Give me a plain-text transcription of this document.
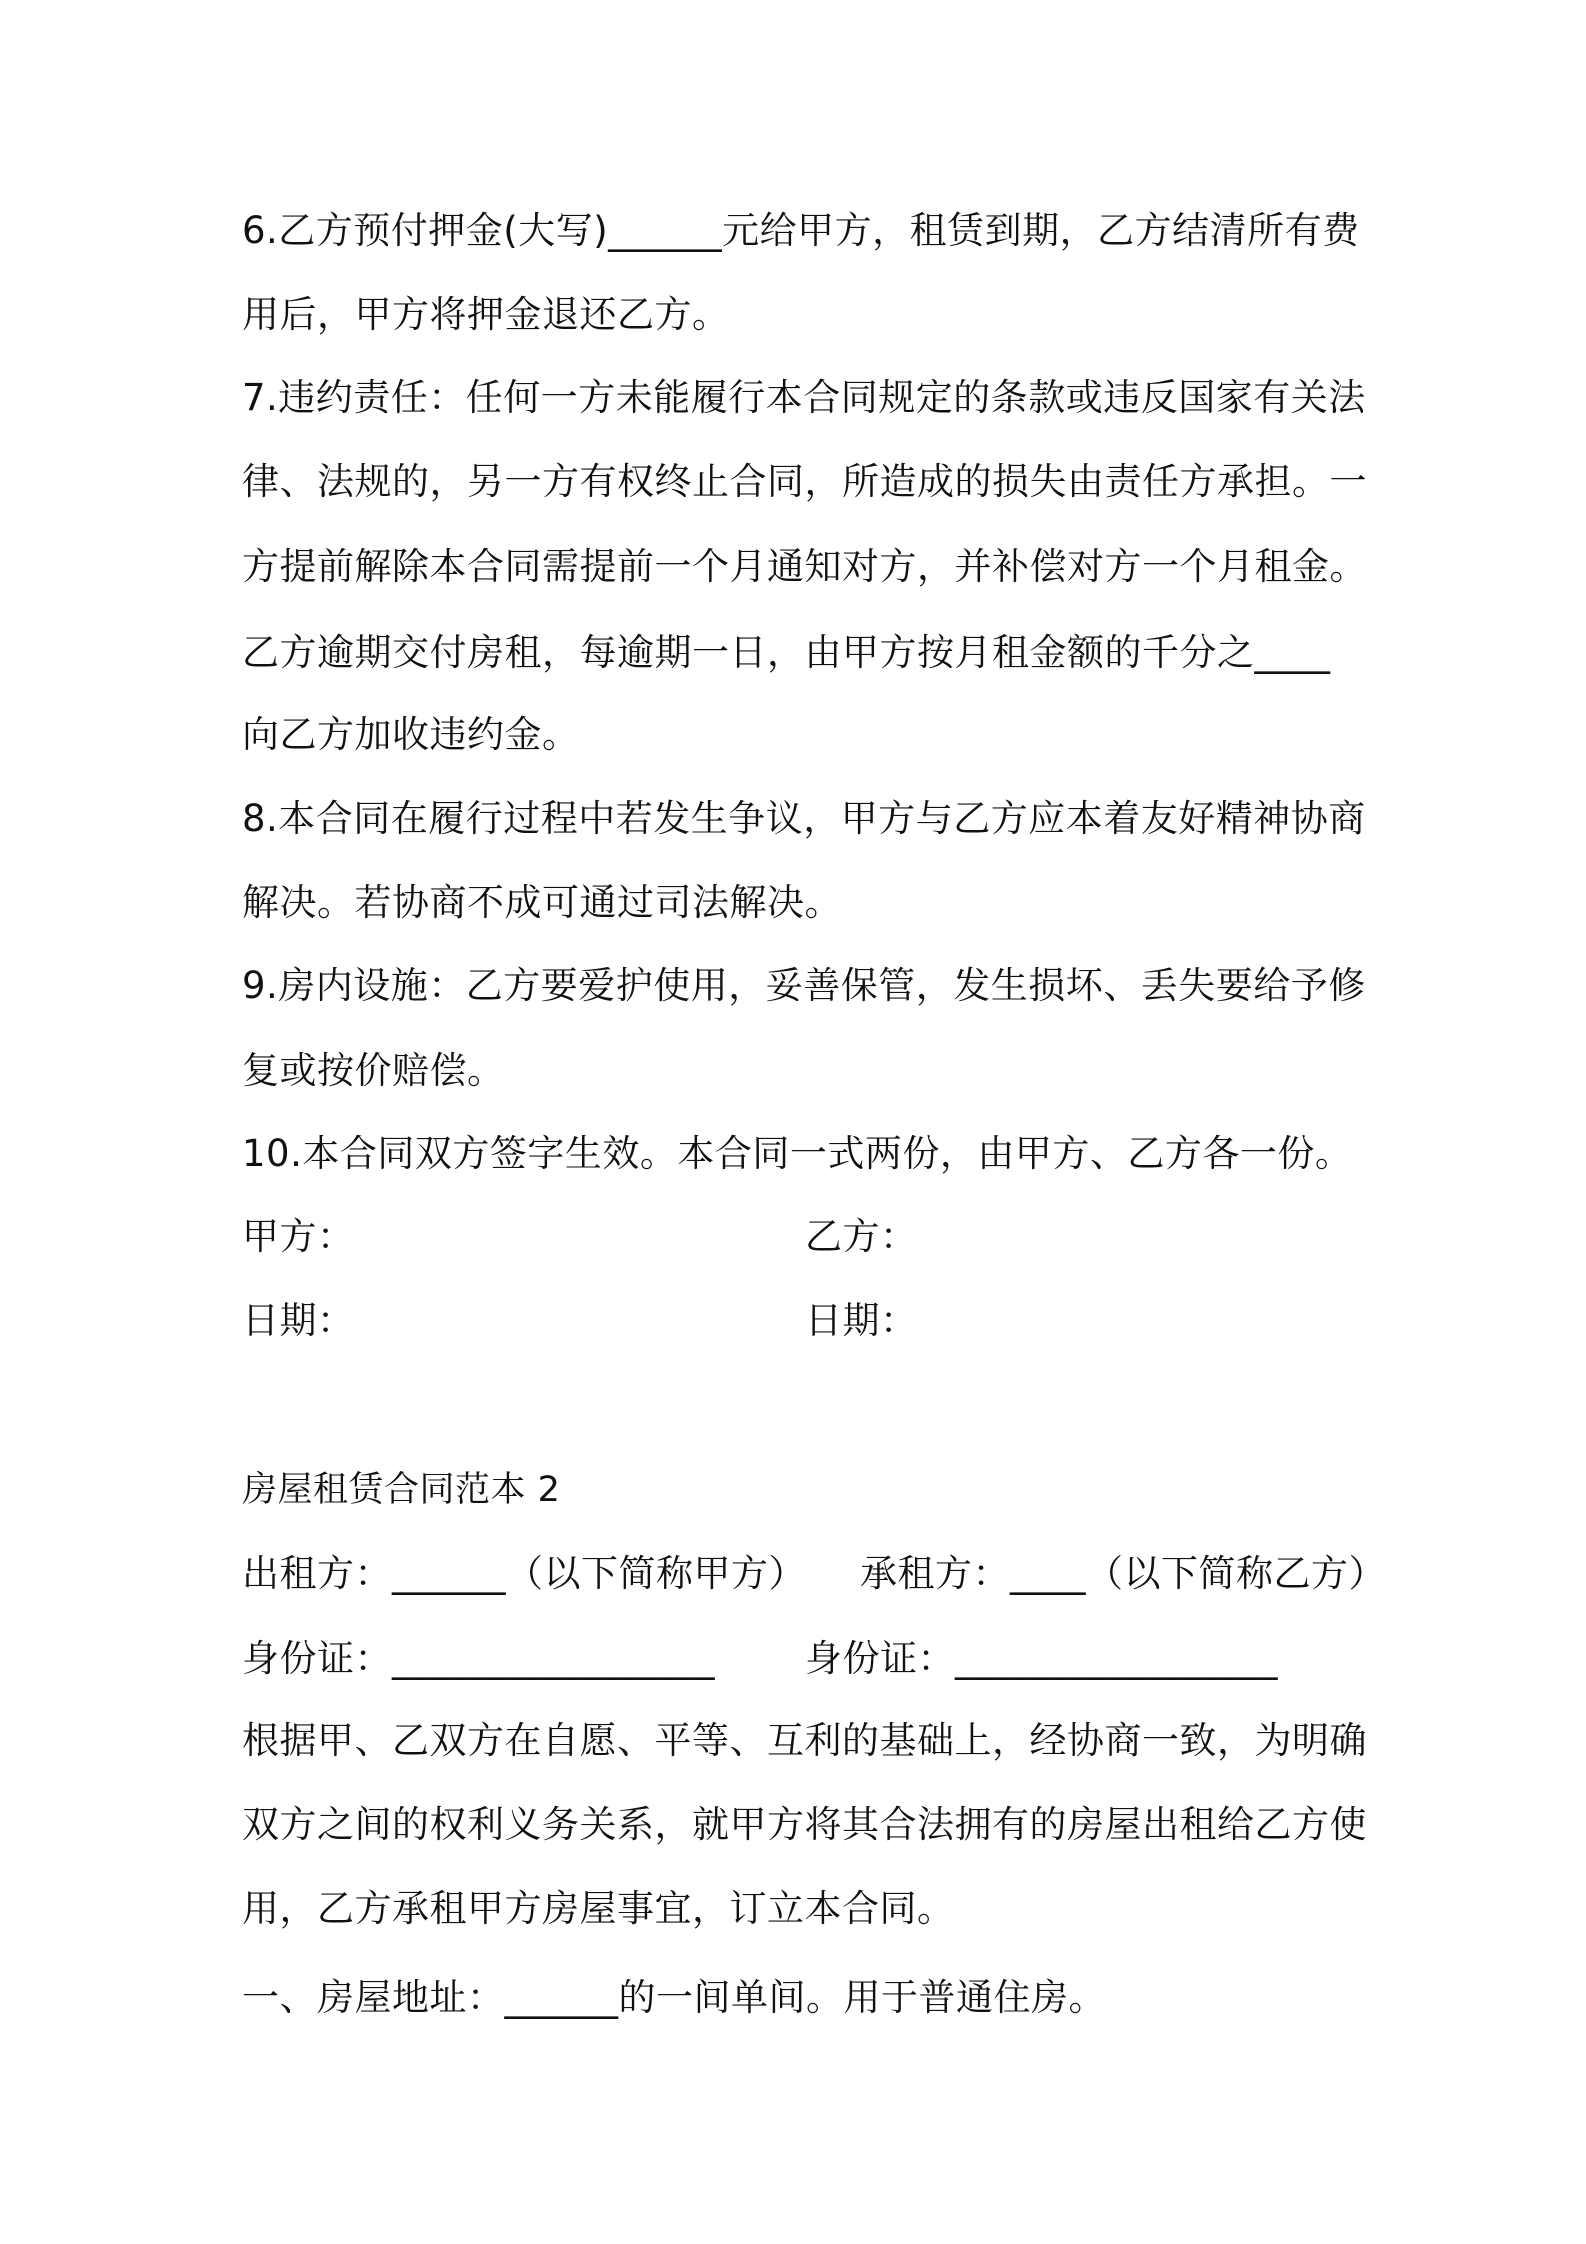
6.乙方预付押金(大写)______元给甲方，租赁到期，乙方结清所有费
用后，甲方将押金退还乙方。
7.违约责任：任何一方未能履行本合同规定的条款或违反国家有关法
律、法规的，另一方有权终止合同，所造成的损失由责任方承担。一
方提前解除本合同需提前一个月通知对方，并补偿对方一个月租金。
乙方逾期交付房租，每逾期一日，由甲方按月租金额的千分之____
向乙方加收违约金。
8.本合同在履行过程中若发生争议，甲方与乙方应本着友好精神协商
解决。若协商不成可通过司法解决。
9.房内设施：乙方要爱护使用，妥善保管，发生损坏、丢失要给予修
复或按价赔偿。
10.本合同双方签字生效。本合同一式两份，由甲方、乙方各一份。
甲方：	乙方：
日期：	日期：
房屋租赁合同范本 2
出租方：______（以下简称甲方） 承租方：____（以下简称乙方）
身份证：_________________ 身份证：_________________
根据甲、乙双方在自愿、平等、互利的基础上，经协商一致，为明确
双方之间的权利义务关系，就甲方将其合法拥有的房屋出租给乙方使
用，乙方承租甲方房屋事宜，订立本合同。
一、房屋地址：______的一间单间。用于普通住房。
